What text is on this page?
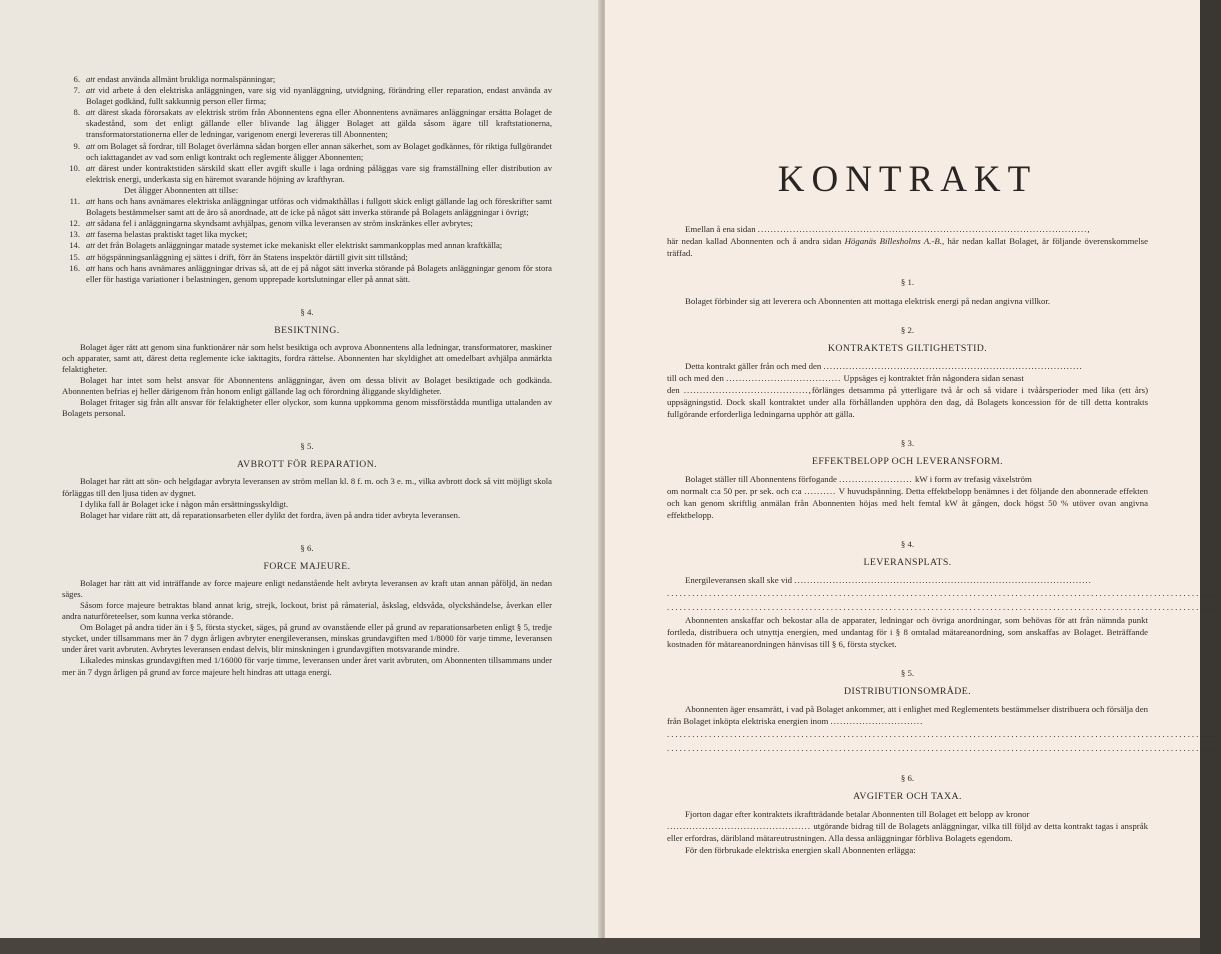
6. att endast använda allmänt brukliga normalspänningar;
7. att vid arbete å den elektriska anläggningen, vare sig vid nyanläggning, utvidgning, förändring eller reparation, endast använda av Bolaget godkänd, fullt sakkunnig person eller firma;
8. att därest skada förorsakats av elektrisk ström från Abonnentens egna eller Abonnentens avnämares anläggningar ersätta Bolaget de skadestånd, som det enligt gällande eller blivande lag åligger Bolaget att gälda såsom ägare till kraftstationerna, transformatorstationerna eller de ledningar, varigenom energi levereras till Abonnenten;
9. att om Bolaget så fordrar, till Bolaget överlämna sådan borgen eller annan säkerhet, som av Bolaget godkännes, för riktiga fullgörandet och iakttagandet av vad som enligt kontrakt och reglemente åligger Abonnenten;
10. att därest under kontraktstiden särskild skatt eller avgift skulle i laga ordning påläggas vare sig framställning eller distribution av elektrisk energi, underkasta sig en häremot svarande höjning av krafthyran.
Det åligger Abonnenten att tillse:
11. att hans och hans avnämares elektriska anläggningar utföras och vidmakthållas i fullgott skick enligt gällande lag och föreskrifter samt Bolagets bestämmelser samt att de äro så anordnade, att de icke på något sätt inverka störande på Bolagets anläggningar i övrigt;
12. att sådana fel i anläggningarna skyndsamt avhjälpas, genom vilka leveransen av ström inskränkes eller avbrytes;
13. att faserna belastas praktiskt taget lika mycket;
14. att det från Bolagets anläggningar matade systemet icke mekaniskt eller elektriskt sammankopplas med annan kraftkälla;
15. att högspänningsanläggning ej sättes i drift, förr än Statens inspektör därtill givit sitt tillstånd;
16. att hans och hans avnämares anläggningar drivas så, att de ej på något sätt inverka störande på Bolagets anläggningar genom för stora eller för hastiga variationer i belastningen, genom upprepade kortslutningar eller på annat sätt.
§ 4.
BESIKTNING.

Bolaget äger rätt att genom sina funktionärer när som helst besiktiga och avprova Abonnentens alla ledningar, transformatorer, maskiner och apparater, samt att, därest detta reglemente icke iakttagits, fordra rättelse. Abonnenten har skyldighet att omedelbart avhjälpa anmärkta felaktigheter.

Bolaget har intet som helst ansvar för Abonnentens anläggningar, även om dessa blivit av Bolaget besiktigade och godkända. Abonnenten befrias ej heller därigenom från honom enligt gällande lag och förordning åliggande skyldigheter.

Bolaget fritager sig från allt ansvar för felaktigheter eller olyckor, som kunna uppkomma genom missförstådda muntliga uttalanden av Bolagets personal.

§ 5.
AVBROTT FÖR REPARATION.

Bolaget har rätt att sön- och helgdagar avbryta leveransen av ström mellan kl. 8 f. m. och 3 e. m., vilka avbrott dock så vitt möjligt skola förläggas till den ljusa tiden av dygnet.

I dylika fall är Bolaget icke i någon mån ersättningsskyldigt.

Bolaget har vidare rätt att, då reparationsarbeten eller dylikt det fordra, även på andra tider avbryta leveransen.

§ 6.
FORCE MAJEURE.

Bolaget har rätt att vid inträffande av force majeure enligt nedanstående helt avbryta leveransen av kraft utan annan påföljd, än nedan säges.

Såsom force majeure betraktas bland annat krig, strejk, lockout, brist på råmaterial, åskslag, eldsvåda, olyckshändelse, åverkan eller andra naturföreteelser, som kunna verka störande.

Om Bolaget på andra tider än i § 5, första stycket, säges, på grund av ovanstående eller på grund av reparationsarbeten enligt § 5, tredje stycket, under tillsammans mer än 7 dygn årligen avbryter energileveransen, minskas grundavgiften med 1/8000 för varje timme, leveransen under året varit avbruten. Avbrytes leveransen endast delvis, blir minskningen i grundavgiften motsvarande mindre.

Likaledes minskas grundavgiften med 1/16000 för varje timme, leveransen under året varit avbruten, om Abonnenten tillsammans under mer än 7 dygn årligen på grund av force majeure helt hindras att uttaga energi.

KONTRAKT

Emellan å ena sidan .......................................................................................................,

här nedan kallad Abonnenten och å andra sidan Höganäs Billesholms A.-B., här nedan kallat Bolaget, är följande överenskommelse träffad.

§ 1.

Bolaget förbinder sig att leverera och Abonnenten att mottaga elektrisk energi på nedan angivna villkor.

§ 2.
KONTRAKTETS GILTIGHETSTID.

Detta kontrakt gäller från och med den .................................................................................

till och med den .................................... Uppsäges ej kontraktet från någondera sidan senast

den .......................................,förlänges detsamma på ytterligare två år och så vidare i tvåårsperioder med lika (ett års) uppsägningstid. Dock skall kontraktet under alla förhållanden upphöra den dag, då Bolagets koncession för de till detta kontrakts fullgörande erforderliga ledningarna upphör att gälla.

§ 3.
EFFEKTBELOPP OCH LEVERANSFORM.

Bolaget ställer till Abonnentens förfogande ....................... kW i form av trefasig växelström

om normalt c:a 50 per. pr sek. och c:a .......... V huvudspänning. Detta effektbelopp benämnes i det följande den abonnerade effekten och kan genom skriftlig anmälan från Abonnenten höjas med helt femtal kW åt gången, dock högst 50 % utöver ovan angivna effektbelopp.

§ 4.
LEVERANSPLATS.

Energileveransen skall ske vid .............................................................................................

....................................................................................................................................
....................................................................................................................................

Abonnenten anskaffar och bekostar alla de apparater, ledningar och övriga anordningar, som behövas för att från nämnda punkt fortleda, distribuera och utnyttja energien, med undantag för i § 8 omtalad mätareanordning, som anskaffas av Bolaget. Beträffande kostnaden för mätareanordningen hänvisas till § 6, första stycket.

§ 5.
DISTRIBUTIONSOMRÅDE.

Abonnenten äger ensamrätt, i vad på Bolaget ankommer, att i enlighet med Reglementets bestämmelser distribuera och försälja den från Bolaget inköpta elektriska energien inom .............................

....................................................................................................................................
....................................................................................................................................
§ 6.
AVGIFTER OCH TAXA.

Fjorton dagar efter kontraktets ikraftträdande betalar Abonnenten till Bolaget ett belopp av kronor

............................................. utgörande bidrag till de Bolagets anläggningar, vilka till följd av detta kontrakt tagas i anspråk eller erfordras, däribland mätareutrustningen. Alla dessa anläggningar förbliva Bolagets egendom.

För den förbrukade elektriska energien skall Abonnenten erlägga:
